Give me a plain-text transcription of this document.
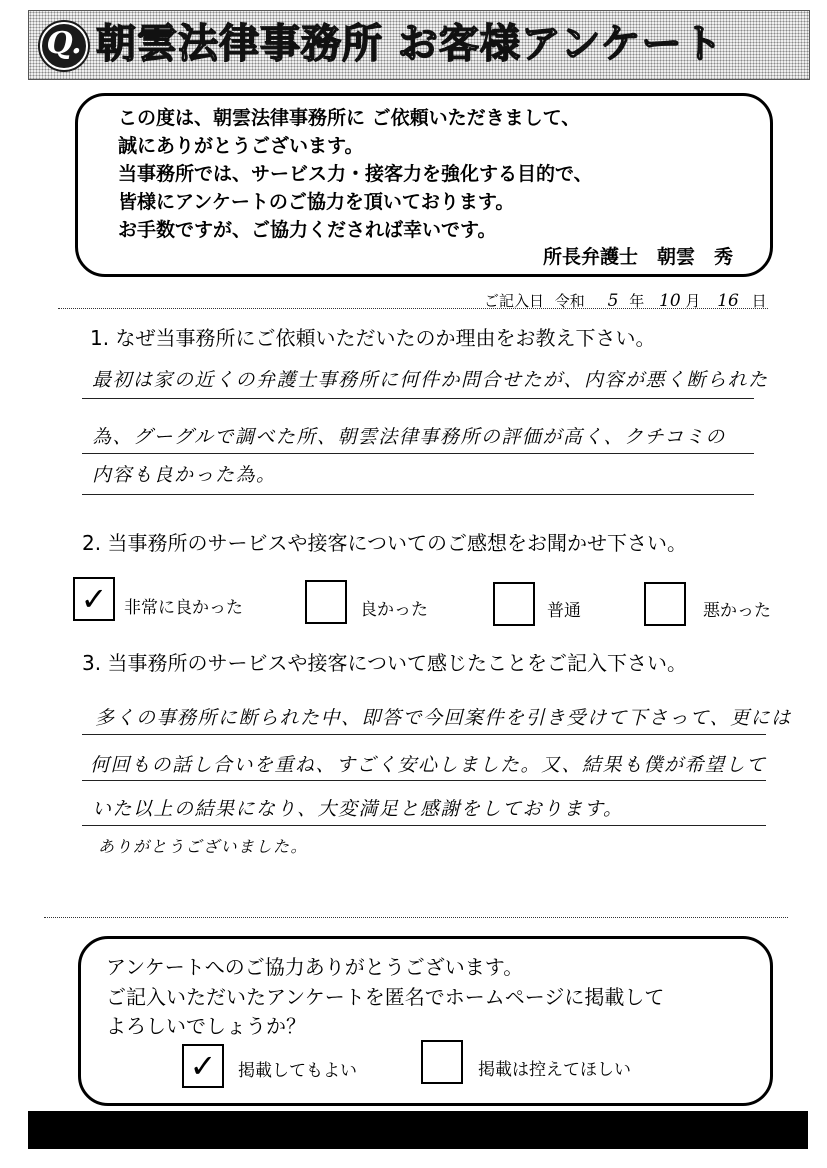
Q. 朝雲法律事務所 お客様アンケート
この度は、朝雲法律事務所に ご依頼いただきまして、
誠にありがとうございます。
当事務所では、サービス力・接客力を強化する目的で、
皆様にアンケートのご協力を頂いております。
お手数ですが、ご協力くだされば幸いです。
所長弁護士　朝雲　秀
ご記入日 令和 5 年 10 月 16 日
1. なぜ当事務所にご依頼いただいたのか理由をお教え下さい。
最初は家の近くの弁護士事務所に何件か問合せたが、内容が悪く断られた
為、グーグルで調べた所、朝雲法律事務所の評価が高く、クチコミの
内容も良かった為。
2. 当事務所のサービスや接客についてのご感想をお聞かせ下さい。
✓ 非常に良かった	良かった	普通	悪かった
3. 当事務所のサービスや接客について感じたことをご記入下さい。
多くの事務所に断られた中、即答で今回案件を引き受けて下さって、更には
何回もの話し合いを重ね、すごく安心しました。又、結果も僕が希望して
いた以上の結果になり、大変満足と感謝をしております。
ありがとうございました。
アンケートへのご協力ありがとうございます。
ご記入いただいたアンケートを匿名でホームページに掲載して
よろしいでしょうか？
✓	掲載してもよい	掲載は控えてほしい
